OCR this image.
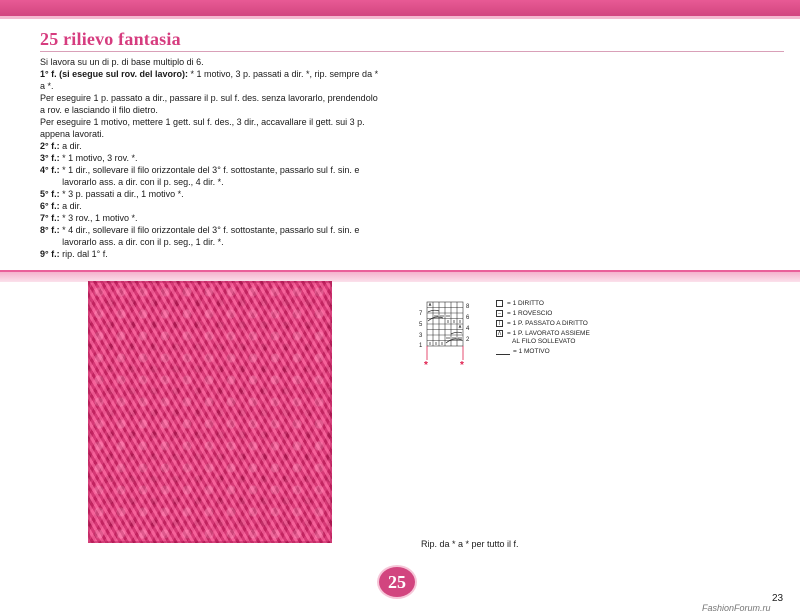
25 rilievo fantasia

Si lavora su un di p. di base multiplo di 6.

1° f. (si esegue sul rov. del lavoro): * 1 motivo, 3 p. passati a dir. *, rip. sempre da * a *.

Per eseguire 1 p. passato a dir., passare il p. sul f. des. senza lavorarlo, prendendolo a rov. e lasciando il filo dietro.

Per eseguire 1 motivo, mettere 1 gett. sul f. des., 3 dir., accavallare il gett. sui 3 p. appena lavorati.

2° f.: a dir.
3° f.: * 1 motivo, 3 rov. *.
4° f.: * 1 dir., sollevare il filo orizzontale del 3° f. sottostante, passarlo sul f. sin. e lavorarlo ass. a dir. con il p. seg., 4 dir. *.
5° f.: * 3 p. passati a dir., 1 motivo *.
6° f.: a dir.
7° f.: * 3 rov., 1 motivo *.
8° f.: * 4 dir., sollevare il filo orizzontale del 3° f. sottostante, passarlo sul f. sin. e lavorarlo ass. a dir. con il p. seg., 1 dir. *.
9° f.: rip. dal 1° f.
7
5
3
1
8
6
4
2
*	*
= 1 DIRITTO
– = 1 ROVESCIO
I	= 1 P. PASSATO A DIRITTO
Λ = 1 P. LAVORATO ASSIEME
AL FILO SOLLEVATO
= 1 MOTIVO
Rip. da * a * per tutto il f.
25
23
FashionForum.ru
